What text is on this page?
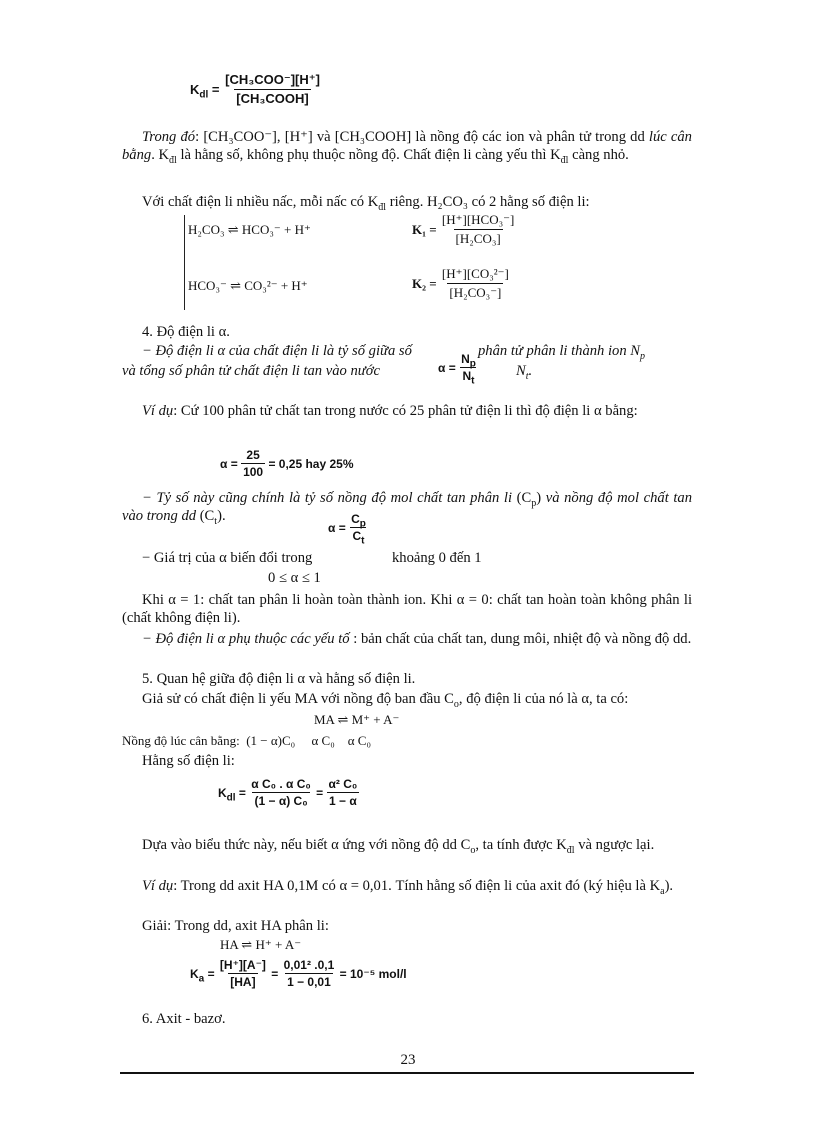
$K_{dl} = \frac{\text{[CH₃COO⁻][H⁺]}}{\text{[CH₃COOH]}}$
Trong đó: [CH₃COO⁻], [H⁺] và [CH₃COOH] là nồng độ các ion và phân tử trong dd lúc cân bằng. $K_{đl}$ là hằng số, không phụ thuộc nồng độ. Chất điện li càng yếu thì $K_{đl}$ càng nhỏ.
Với chất điện li nhiều nấc, mỗi nấc có $K_{đl}$ riêng. H₂CO₃ có 2 hằng số điện li:
H₂CO₃ ⇌ HCO₃⁻ + H⁺	K₁ =
$\frac{\text{[H⁺][HCO₃⁻]}}{\text{[H₂CO₃]}}$
HCO₃⁻ ⇌ CO₃²⁻ + H⁺	K₂ =
$\frac{\text{[H⁺][CO₃²⁻]}}{\text{[H₂CO₃⁻]}}$
4. Độ điện li α.
− Độ điện li α của chất điện li là tỷ số giữa số	phân tử phân li thành ion $N_p$
và tổng số phân tử chất điện li tan vào nước	α =
$\frac{N_p}{N_t}$	$N_t$.
Ví dụ: Cứ 100 phân tử chất tan trong nước có 25 phân tử điện li thì độ điện li α bằng:
α =
$\frac{25}{100}$
= 0,25 hay 25%
− Tỷ số này cũng chính là tỷ số nồng độ mol chất tan phân li $(C_p)$ và nồng độ mol chất tan vào trong dd $(C_t)$.
α =
$\frac{C_p}{C_t}$
− Giá trị của α biến đổi trong	khoảng 0 đến 1
0 ≤ α ≤ 1
Khi α = 1: chất tan phân li hoàn toàn thành ion. Khi α = 0: chất tan hoàn toàn không phân li (chất không điện li).
− Độ điện li α phụ thuộc các yếu tố : bản chất của chất tan, dung môi, nhiệt độ và nồng độ dd.
5. Quan hệ giữa độ điện li α và hằng số điện li.
Giả sử có chất điện li yếu MA với nồng độ ban đầu $C_o$, độ điện li của nó là α, ta có:
MA ⇌ M⁺ + A⁻
Nồng độ lúc cân bằng: (1 − α)C₀ α C₀ α C₀
Hằng số điện li:
$K_{dl} = \frac{\text{α C₀ . α C₀}}{\text{(1 − α) C₀}} = \frac{\text{α² C₀}}{1 - \alpha}$
Dựa vào biểu thức này, nếu biết α ứng với nồng độ dd $C_o$, ta tính được $K_{đl}$ và ngược lại.
Ví dụ: Trong dd axit HA 0,1M có α = 0,01. Tính hằng số điện li của axit đó (ký hiệu là $K_a$).
Giải: Trong dd, axit HA phân li:
HA ⇌ H⁺ + A⁻
$K_a = \frac{[H^+][A^-]}{[HA]} = \frac{\text{0,01² .0,1}}{1 - 0,01}$
= 10⁻⁵ mol/l
6. Axit - bazơ.
23
